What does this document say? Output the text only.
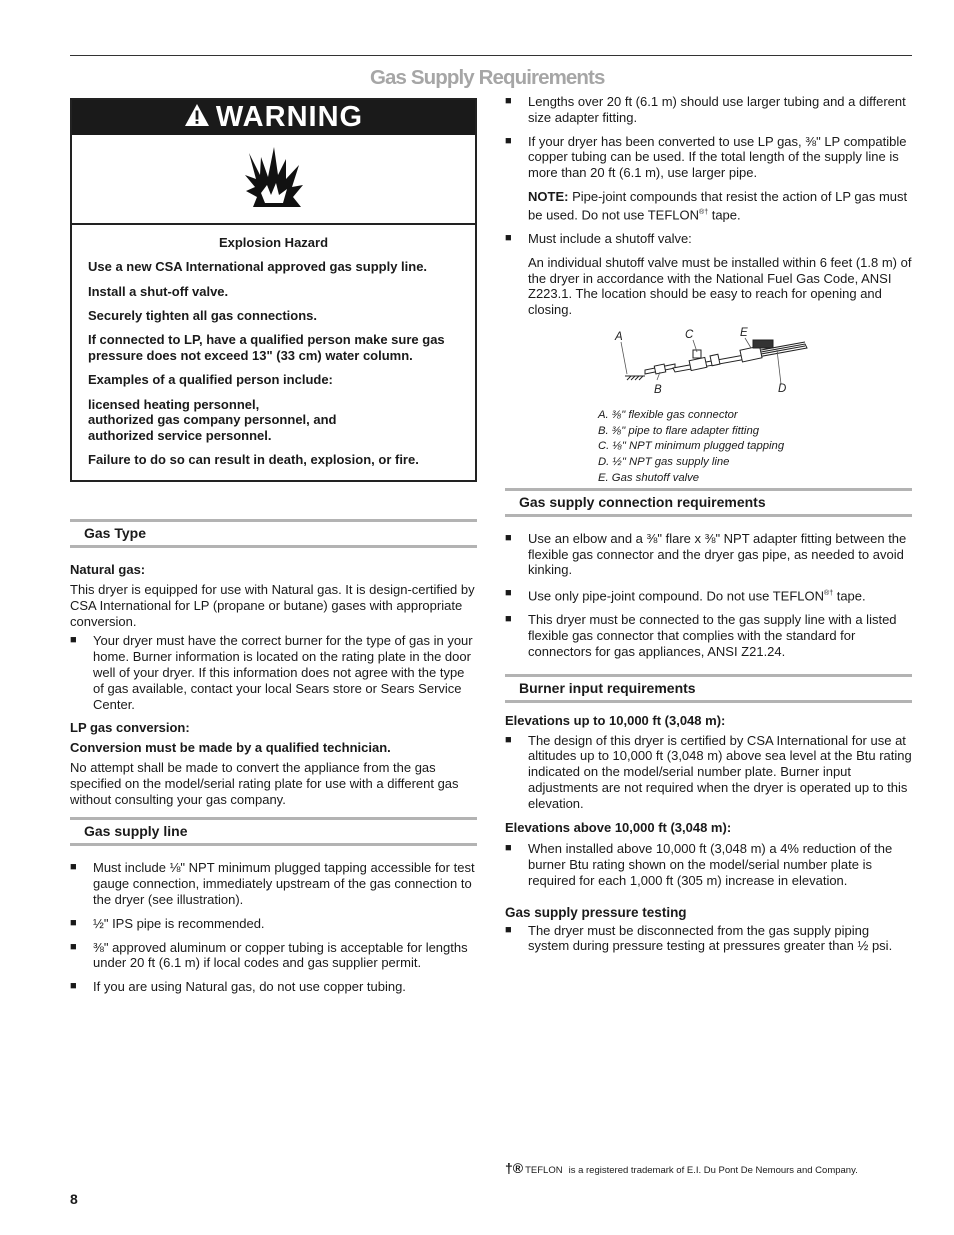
Gas Supply Requirements
WARNING

Explosion Hazard

Use a new CSA International approved gas supply line.

Install a shut-off valve.

Securely tighten all gas connections.

If connected to LP, have a qualified person make sure gas pressure does not exceed 13" (33 cm) water column.

Examples of a qualified person include:

licensed heating personnel,
authorized gas company personnel, and
authorized service personnel.

Failure to do so can result in death, explosion, or fire.

Gas Type

Natural gas:

This dryer is equipped for use with Natural gas. It is design-certified by CSA International for LP (propane or butane) gases with appropriate conversion.

■	Your dryer must have the correct burner for the type of gas in your home. Burner information is located on the rating plate in the door well of your dryer. If this information does not agree with the type of gas available, contact your local Sears store or Sears Service Center.

LP gas conversion:

Conversion must be made by a qualified technician.

No attempt shall be made to convert the appliance from the gas specified on the model/serial rating plate for use with a different gas without consulting your gas company.

Gas supply line
■	Must include ⅛" NPT minimum plugged tapping accessible for test gauge connection, immediately upstream of the gas connection to the dryer (see illustration).
■	½" IPS pipe is recommended.
■	⅜" approved aluminum or copper tubing is acceptable for lengths under 20 ft (6.1 m) if local codes and gas supplier permit.
■	If you are using Natural gas, do not use copper tubing.
■	Lengths over 20 ft (6.1 m) should use larger tubing and a different size adapter fitting.
■	If your dryer has been converted to use LP gas, ⅜" LP compatible copper tubing can be used. If the total length of the supply line is more than 20 ft (6.1 m), use larger pipe.

NOTE: Pipe-joint compounds that resist the action of LP gas must be used. Do not use TEFLON®† tape.

■	Must include a shutoff valve:

An individual shutoff valve must be installed within 6 feet (1.8 m) of the dryer in accordance with the National Fuel Gas Code, ANSI Z223.1. The location should be easy to reach for opening and closing.

A	C	E
B	D
A. ⅜" flexible gas connector
B. ⅜" pipe to flare adapter fitting
C. ⅛" NPT minimum plugged tapping
D. ½" NPT gas supply line
E. Gas shutoff valve
Gas supply connection requirements
■	Use an elbow and a ⅜" flare x ⅜" NPT adapter fitting between the flexible gas connector and the dryer gas pipe, as needed to avoid kinking.
■	Use only pipe-joint compound. Do not use TEFLON®† tape.
■	This dryer must be connected to the gas supply line with a listed flexible gas connector that complies with the standard for connectors for gas appliances, ANSI Z21.24.
Burner input requirements

Elevations up to 10,000 ft (3,048 m):

■	The design of this dryer is certified by CSA International for use at altitudes up to 10,000 ft (3,048 m) above sea level at the Btu rating indicated on the model/serial number plate. Burner input adjustments are not required when the dryer is operated up to this elevation.

Elevations above 10,000 ft (3,048 m):

■	When installed above 10,000 ft (3,048 m) a 4% reduction of the burner Btu rating shown on the model/serial number plate is required for each 1,000 ft (305 m) increase in elevation.

Gas supply pressure testing

■	The dryer must be disconnected from the gas supply piping system during pressure testing at pressures greater than ½ psi.
†® TEFLON is a registered trademark of E.I. Du Pont De Nemours and Company.
8
